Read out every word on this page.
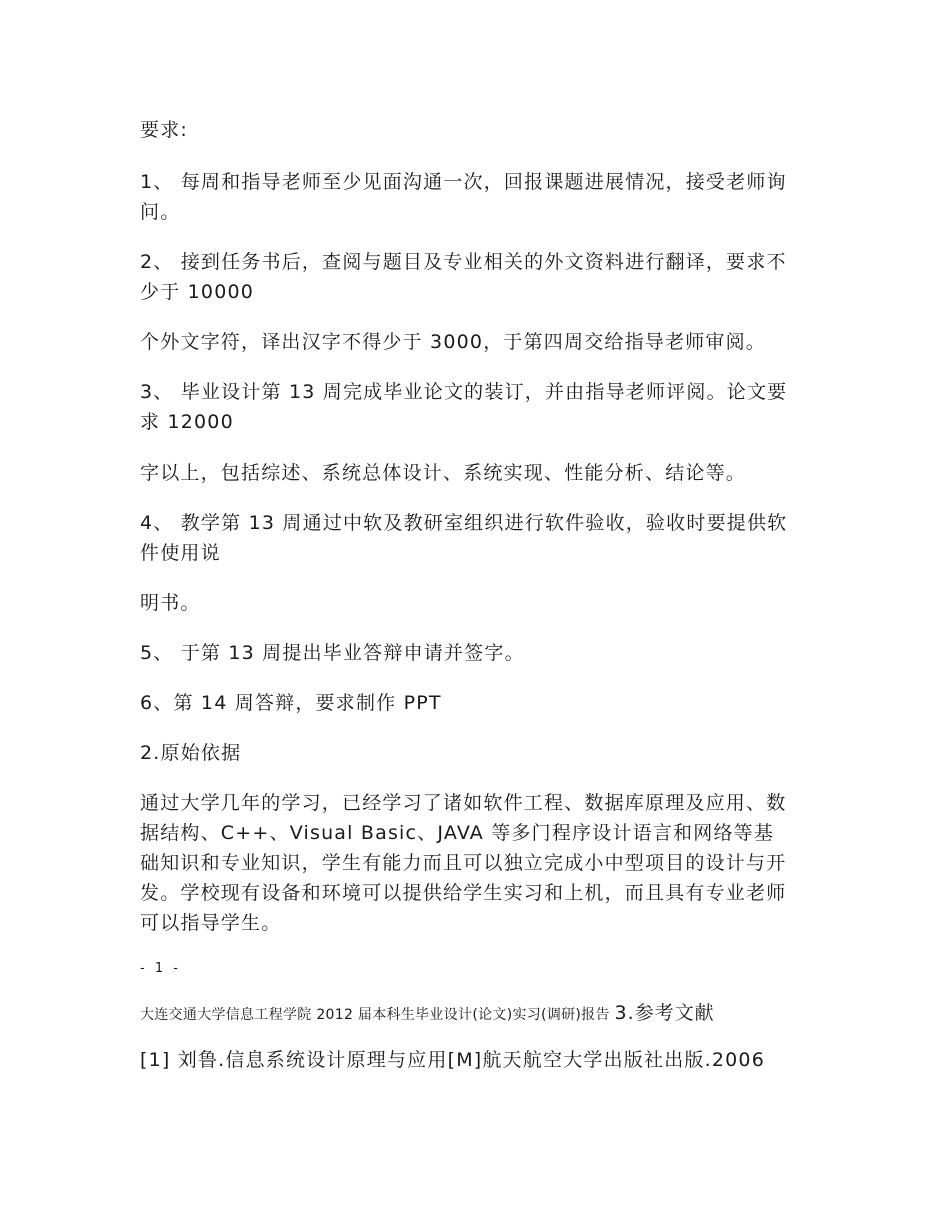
要求:
1、 每周和指导老师至少见面沟通一次，回报课题进展情况，接受老师询
问。
2、 接到任务书后，查阅与题目及专业相关的外文资料进行翻译，要求不
少于 10000
个外文字符，译出汉字不得少于 3000，于第四周交给指导老师审阅。
3、 毕业设计第 13 周完成毕业论文的装订，并由指导老师评阅。论文要
求 12000
字以上，包括综述、系统总体设计、系统实现、性能分析、结论等。
4、 教学第 13 周通过中软及教研室组织进行软件验收，验收时要提供软
件使用说
明书。
5、 于第 13 周提出毕业答辩申请并签字。
6、第 14 周答辩，要求制作 PPT
2.原始依据
通过大学几年的学习，已经学习了诸如软件工程、数据库原理及应用、数
据结构、C++、Visual Basic、JAVA 等多门程序设计语言和网络等基
础知识和专业知识，学生有能力而且可以独立完成小中型项目的设计与开
发。学校现有设备和环境可以提供给学生实习和上机，而且具有专业老师
可以指导学生。
- 1 -
大连交通大学信息工程学院 2012 届本科生毕业设计(论文)实习(调研)报告 3.参考文献
[1] 刘鲁.信息系统设计原理与应用[M]航天航空大学出版社出版.2006
